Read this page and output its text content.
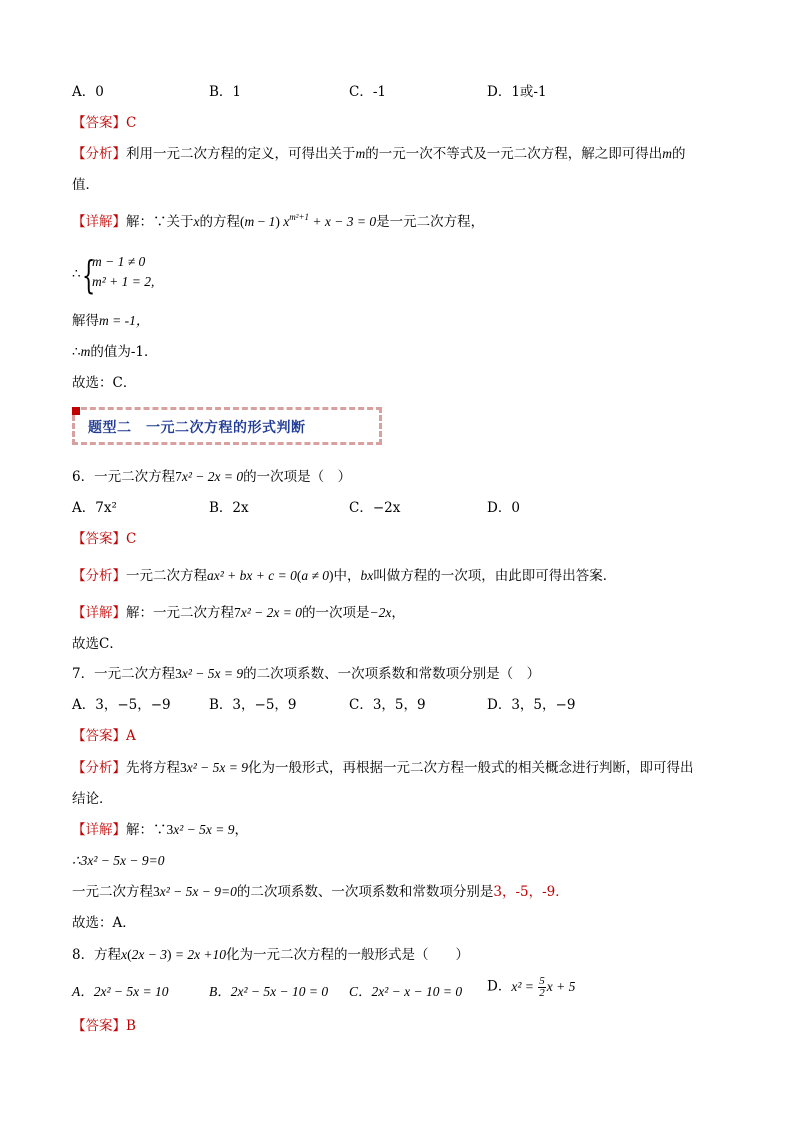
A．0	B．1	C．-1	D．1或-1
【答案】C
【分析】利用一元二次方程的定义，可得出关于m的一元一次不等式及一元二次方程，解之即可得出m的
值．
【详解】解：∵关于x的方程(m − 1) $x^{m^2+1} + x - 3 = 0$是一元二次方程，
∴ {
m − 1 ≠ 0
m² + 1 = 2,
解得m = -1，
∴m的值为-1．
故选：C．
题型二　一元二次方程的形式判断
6．一元二次方程7x² − 2x = 0的一次项是（　）
A．7x²	B．2x	C．−2x	D．0
【答案】C
【分析】一元二次方程ax² + bx + c = 0(a ≠ 0)中，bx叫做方程的一次项，由此即可得出答案．
【详解】解：一元二次方程7x² − 2x = 0的一次项是−2x，
故选C．
7．一元二次方程3x² − 5x = 9的二次项系数、一次项系数和常数项分别是（　）
A．3，−5，−9	B．3，−5，9	C．3，5，9	D．3，5，−9
【答案】A
【分析】先将方程3x² − 5x = 9化为一般形式，再根据一元二次方程一般式的相关概念进行判断，即可得出
结论．
【详解】解：∵3x² − 5x = 9，
∴3x² − 5x − 9=0
一元二次方程3x² − 5x − 9=0的二次项系数、一次项系数和常数项分别是3，-5，-9．
故选：A．
8．方程x(2x − 3) = 2x +10化为一元二次方程的一般形式是（　　）
A．2x² − 5x = 10	B．2x² − 5x − 10 = 0 C．2x² − x − 10 = 0 D．$x^2 = \frac{5}{2}$ x + 5
【答案】B
